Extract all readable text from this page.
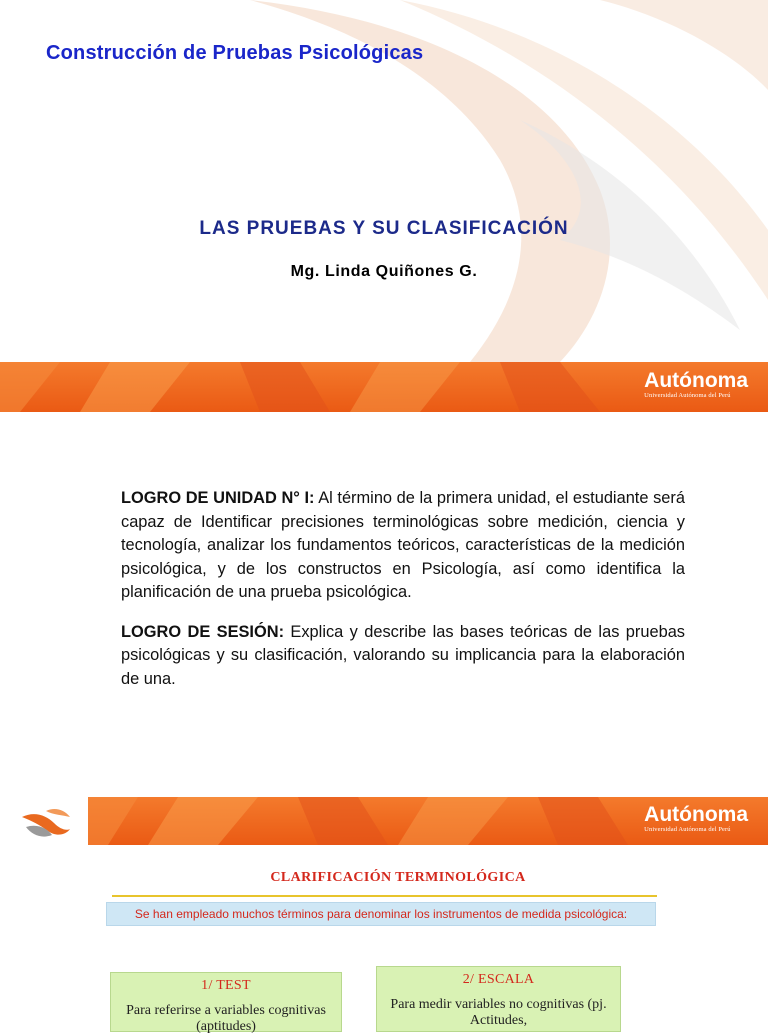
Construcción de Pruebas Psicológicas
LAS PRUEBAS Y SU CLASIFICACIÓN

Mg. Linda Quiñones G.

Autónoma
Universidad Autónoma del Perú

LOGRO DE UNIDAD N° I: Al término de la primera unidad, el estudiante será capaz de Identificar precisiones terminológicas sobre medición, ciencia y tecnología, analizar los fundamentos teóricos, características de la medición psicológica, y de los constructos en Psicología, así como identifica la planificación de una prueba psicológica.

LOGRO DE SESIÓN: Explica y describe las bases teóricas de las pruebas psicológicas y su clasificación, valorando su implicancia para la elaboración de una.

Autónoma
Universidad Autónoma del Perú
CLARIFICACIÓN TERMINOLÓGICA
Se han empleado muchos términos para denominar los instrumentos de medida psicológica:
1/ TEST
Para referirse a variables cognitivas (aptitudes)
2/ ESCALA
Para medir variables no cognitivas (pj. Actitudes,
